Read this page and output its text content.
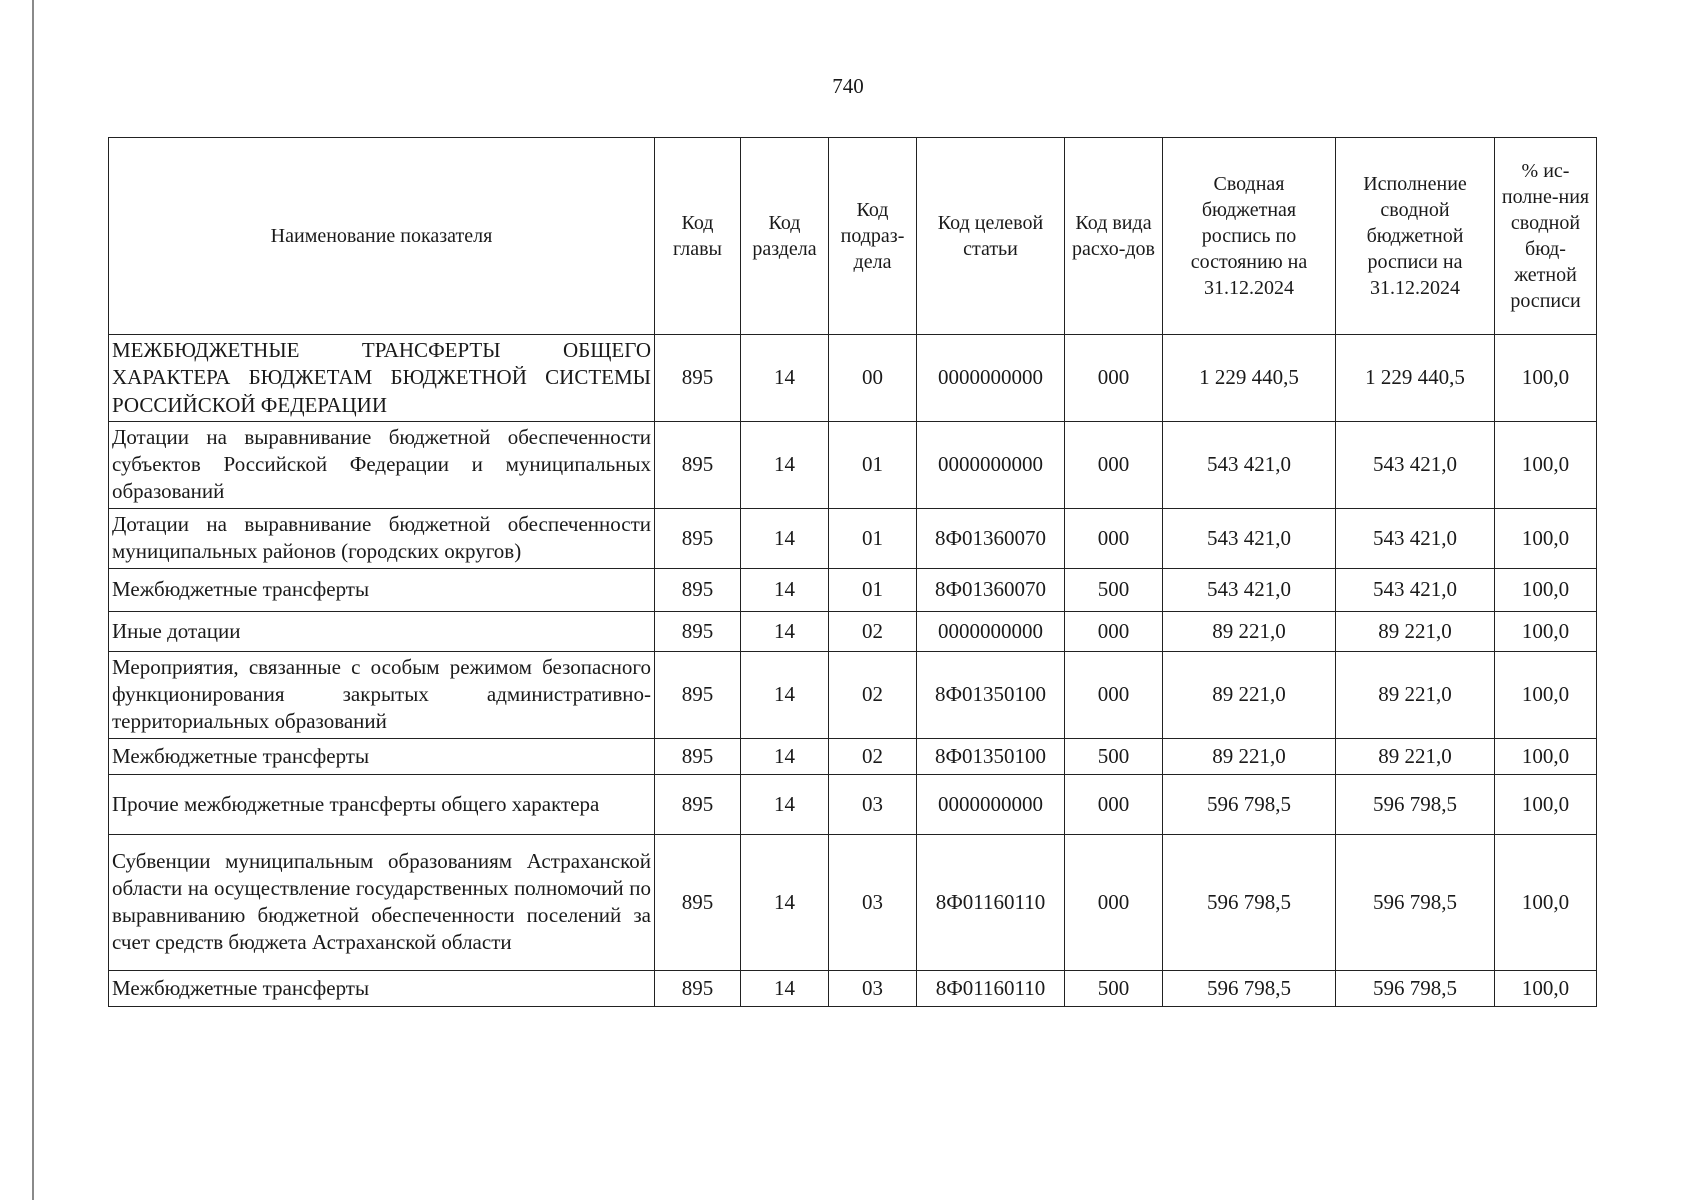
740
Наименование показателя	Код главы	Код раздела	Код подраз-дела	Код целевой статьи	Код вида расхо-дов	Сводная бюджетная роспись по состоянию на 31.12.2024	Исполнение сводной бюджетной росписи на 31.12.2024	% ис-полне-ния сводной бюд-жетной росписи
МЕЖБЮДЖЕТНЫЕ ТРАНСФЕРТЫ ОБЩЕГО ХАРАКТЕРА БЮДЖЕТАМ БЮДЖЕТНОЙ СИСТЕМЫ РОССИЙСКОЙ ФЕДЕРАЦИИ	895	14	00	0000000000	000	1 229 440,5	1 229 440,5	100,0
Дотации на выравнивание бюджетной обеспеченности субъектов Российской Федерации и муниципальных образований	895	14	01	0000000000	000	543 421,0	543 421,0	100,0
Дотации на выравнивание бюджетной обеспеченности муниципальных районов (городских округов)	895	14	01	8Ф01360070	000	543 421,0	543 421,0	100,0
Межбюджетные трансферты	895	14	01	8Ф01360070	500	543 421,0	543 421,0	100,0
Иные дотации	895	14	02	0000000000	000	89 221,0	89 221,0	100,0
Мероприятия, связанные с особым режимом безопасного функционирования закрытых административно-территориальных образований	895	14	02	8Ф01350100	000	89 221,0	89 221,0	100,0
Межбюджетные трансферты	895	14	02	8Ф01350100	500	89 221,0	89 221,0	100,0
Прочие межбюджетные трансферты общего характера	895	14	03	0000000000	000	596 798,5	596 798,5	100,0
Субвенции муниципальным образованиям Астраханской области на осуществление государственных полномочий по выравниванию бюджетной обеспеченности поселений за счет средств бюджета Астраханской области	895	14	03	8Ф01160110	000	596 798,5	596 798,5	100,0
Межбюджетные трансферты	895	14	03	8Ф01160110	500	596 798,5	596 798,5	100,0
